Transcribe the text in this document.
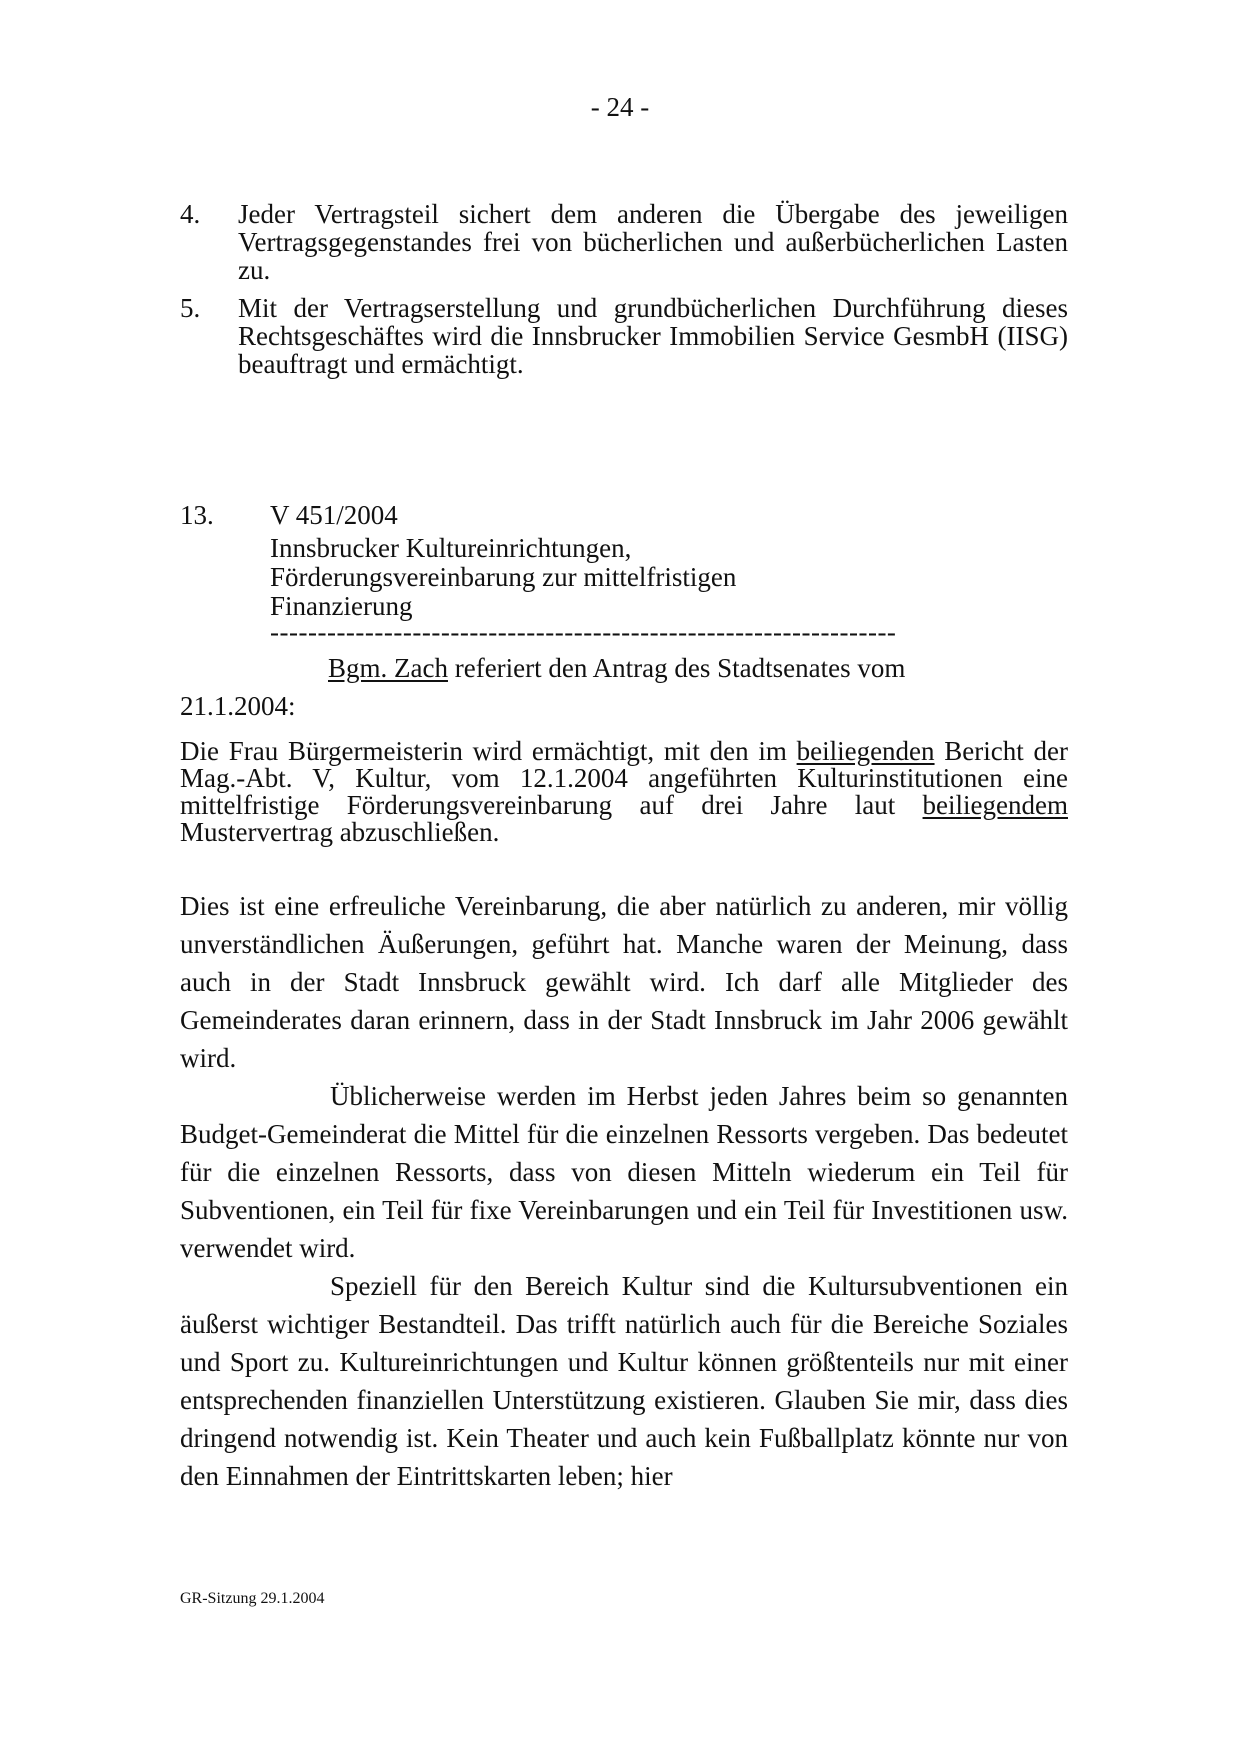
- 24 -
4.	Jeder Vertragsteil sichert dem anderen die Übergabe des jeweiligen Vertragsgegenstandes frei von bücherlichen und außerbücherlichen Lasten zu.
5.	Mit der Vertragserstellung und grundbücherlichen Durchführung dieses Rechtsgeschäftes wird die Innsbrucker Immobilien Service GesmbH (IISG) beauftragt und ermächtigt.
13.	V 451/2004
Innsbrucker Kultureinrichtungen, Förderungsvereinbarung zur mittelfristigen Finanzierung
------------------------------------------------------------------
Bgm. Zach referiert den Antrag des Stadtsenates vom 21.1.2004:
Die Frau Bürgermeisterin wird ermächtigt, mit den im beiliegenden Bericht der Mag.-Abt. V, Kultur, vom 12.1.2004 angeführten Kulturinstitutionen eine mittelfristige Förderungsvereinbarung auf drei Jahre laut beiliegendem Mustervertrag abzuschließen.

Dies ist eine erfreuliche Vereinbarung, die aber natürlich zu anderen, mir völlig unverständlichen Äußerungen, geführt hat. Manche waren der Meinung, dass auch in der Stadt Innsbruck gewählt wird. Ich darf alle Mitglieder des Gemeinderates daran erinnern, dass in der Stadt Innsbruck im Jahr 2006 gewählt wird.

Üblicherweise werden im Herbst jeden Jahres beim so genannten Budget-Gemeinderat die Mittel für die einzelnen Ressorts vergeben. Das bedeutet für die einzelnen Ressorts, dass von diesen Mitteln wiederum ein Teil für Subventionen, ein Teil für fixe Vereinbarungen und ein Teil für Investitionen usw. verwendet wird.

Speziell für den Bereich Kultur sind die Kultursubventionen ein äußerst wichtiger Bestandteil. Das trifft natürlich auch für die Bereiche Soziales und Sport zu. Kultureinrichtungen und Kultur können größtenteils nur mit einer entsprechenden finanziellen Unterstützung existieren. Glauben Sie mir, dass dies dringend notwendig ist. Kein Theater und auch kein Fußballplatz könnte nur von den Einnahmen der Eintrittskarten leben; hier

GR-Sitzung 29.1.2004
